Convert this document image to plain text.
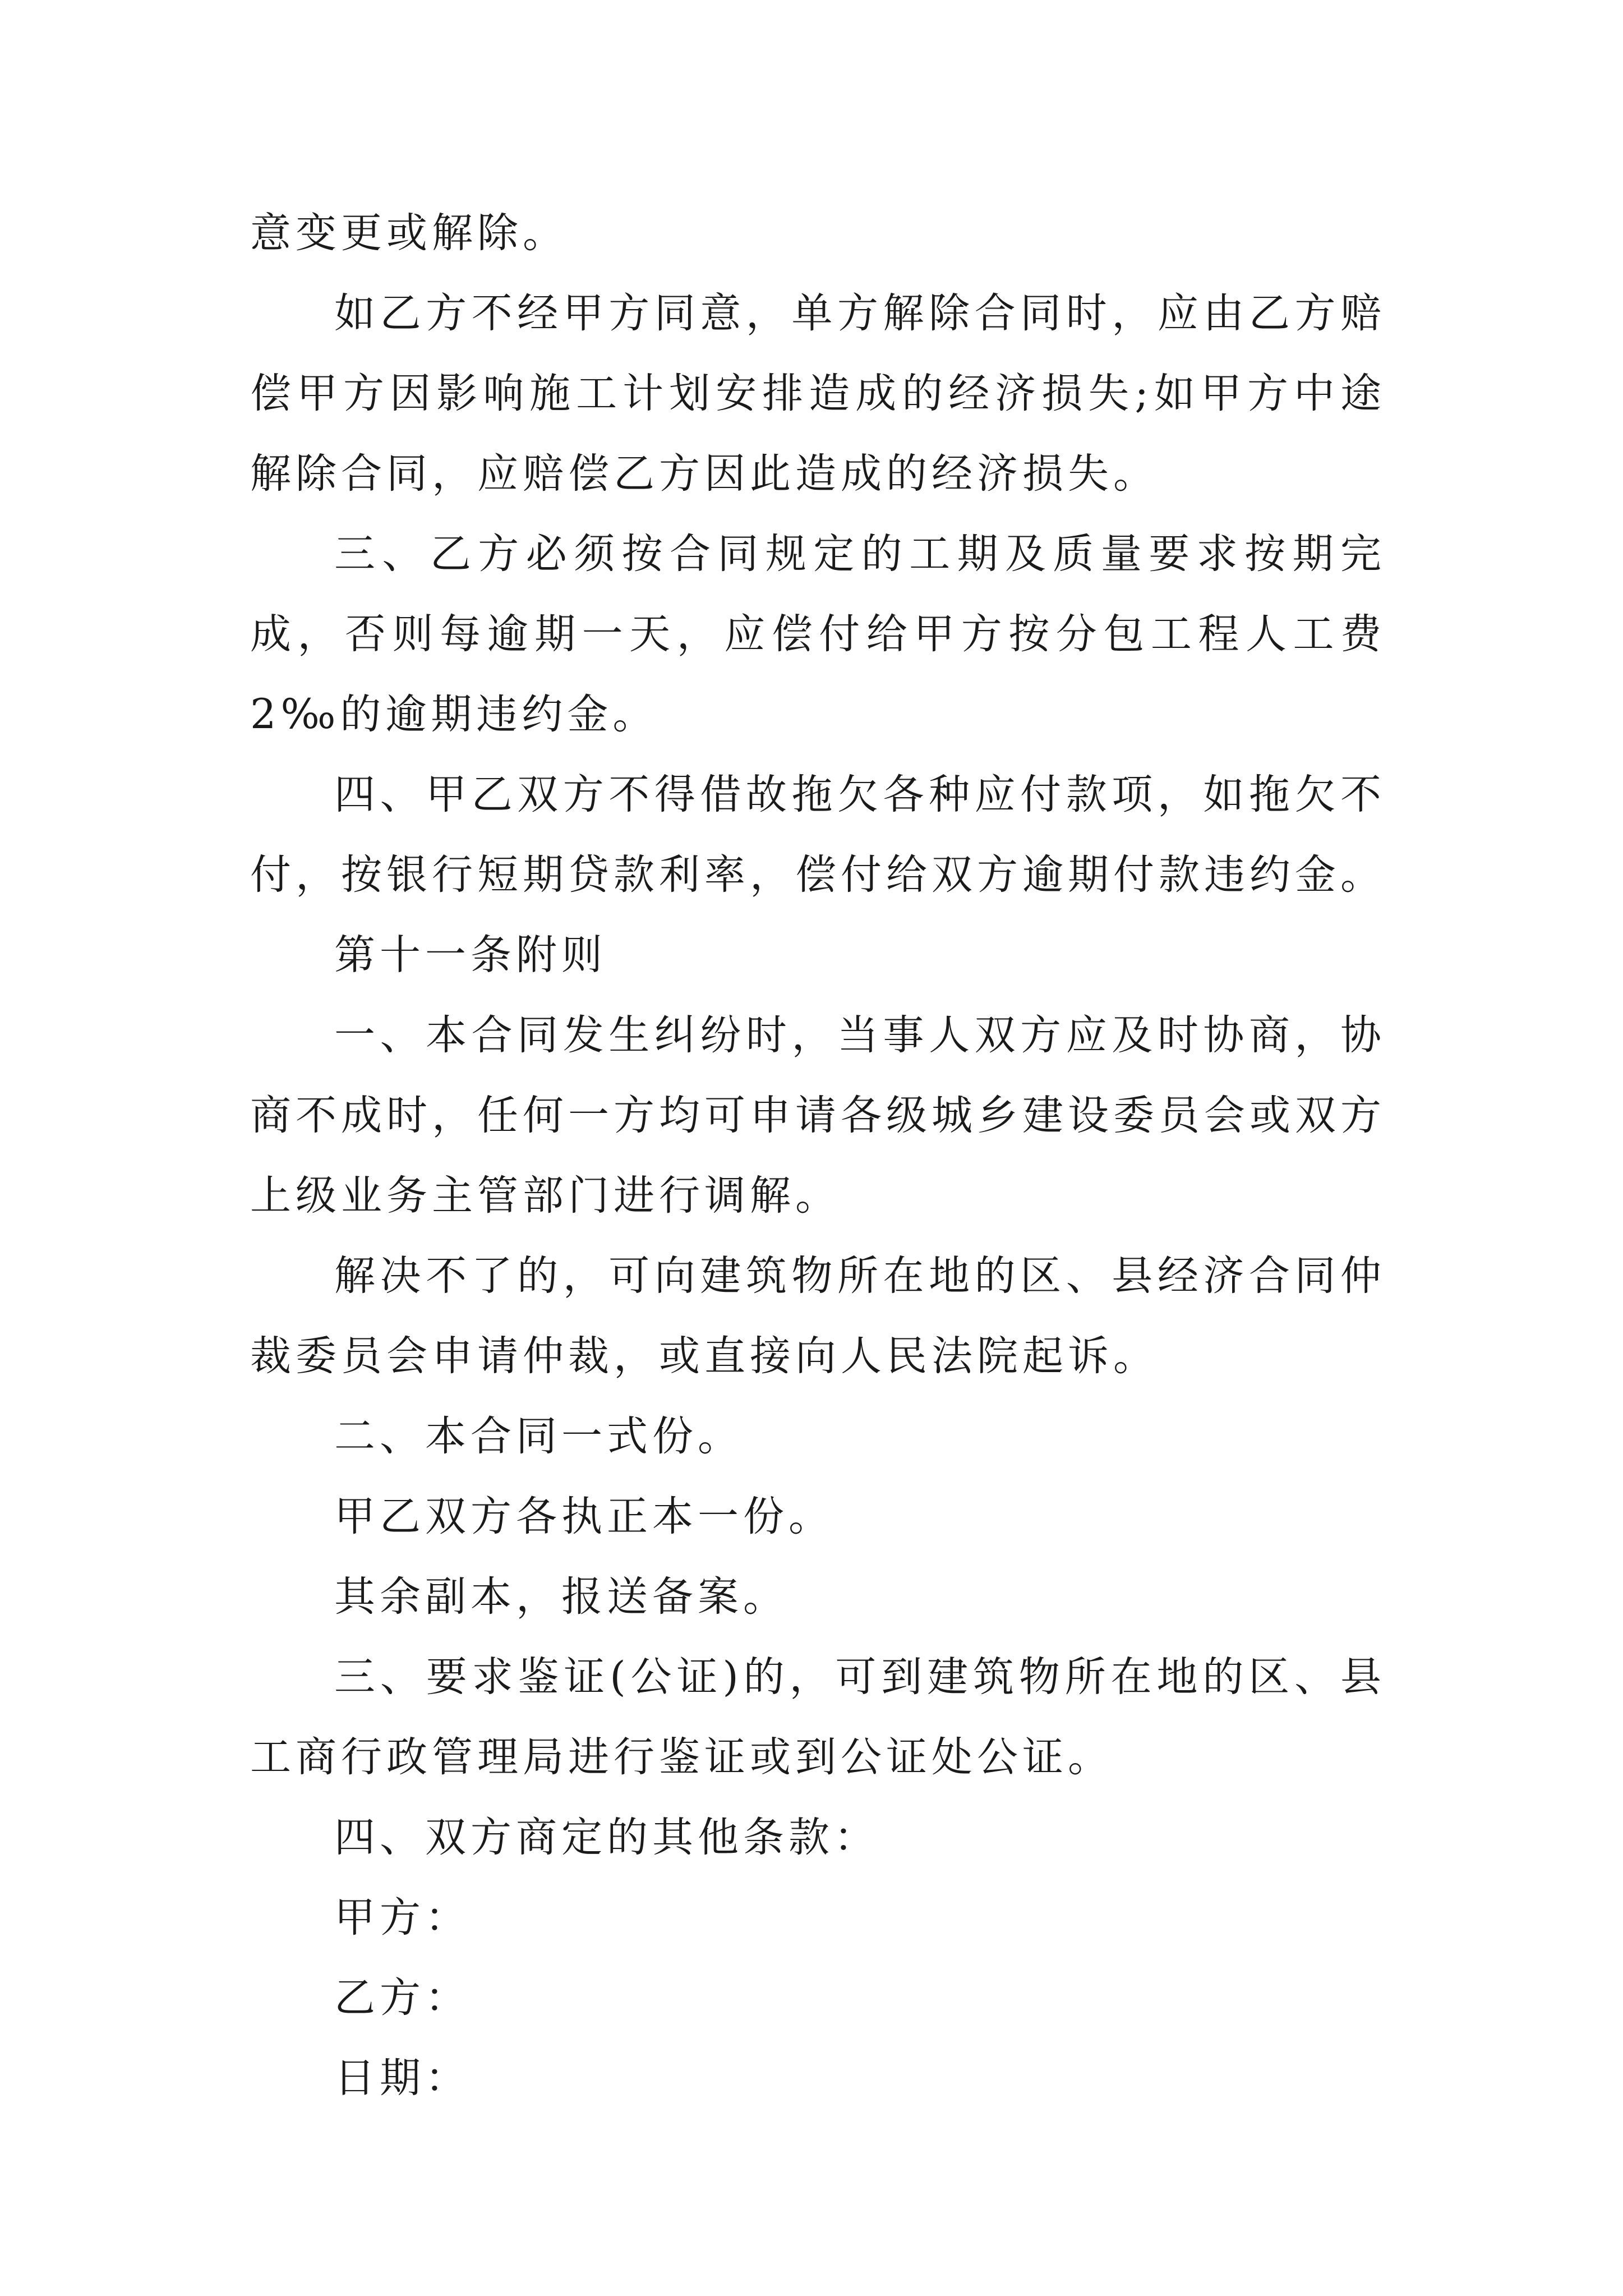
意变更或解除。

如乙方不经甲方同意，单方解除合同时，应由乙方赔偿甲方因影响施工计划安排造成的经济损失;如甲方中途解除合同，应赔偿乙方因此造成的经济损失。

三、乙方必须按合同规定的工期及质量要求按期完成，否则每逾期一天，应偿付给甲方按分包工程人工费2‰的逾期违约金。

四、甲乙双方不得借故拖欠各种应付款项，如拖欠不付，按银行短期贷款利率，偿付给双方逾期付款违约金。

第十一条附则

一、本合同发生纠纷时，当事人双方应及时协商，协商不成时，任何一方均可申请各级城乡建设委员会或双方上级业务主管部门进行调解。

解决不了的，可向建筑物所在地的区、县经济合同仲裁委员会申请仲裁，或直接向人民法院起诉。

二、本合同一式份。

甲乙双方各执正本一份。

其余副本，报送备案。

三、要求鉴证(公证)的，可到建筑物所在地的区、县工商行政管理局进行鉴证或到公证处公证。

四、双方商定的其他条款：

甲方：

乙方：

日期：
